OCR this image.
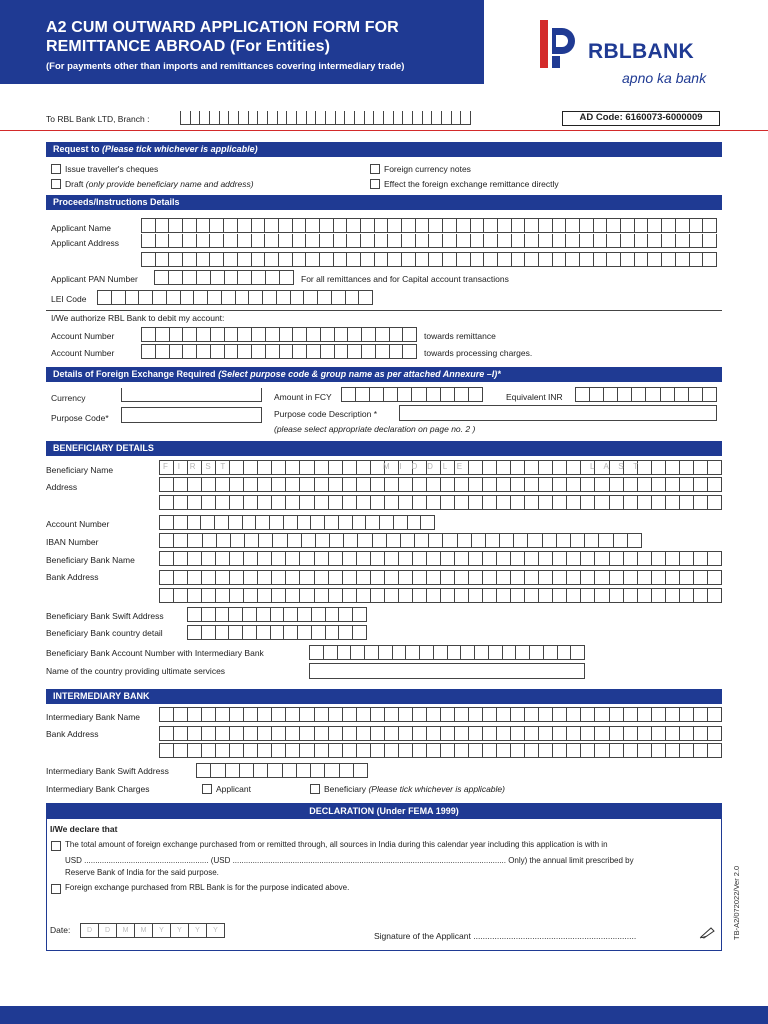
A2 CUM OUTWARD APPLICATION FORM FOR
REMITTANCE ABROAD (For Entities)
(For payments other than imports and remittances covering intermediary trade)
RBLBANK
apno ka bank
To RBL Bank LTD, Branch :	AD Code: 6160073-6000009
Request to (Please tick whichever is applicable)
Issue traveller's cheques
Draft (only provide beneficiary name and address)
Foreign currency notes
Effect the foreign exchange remittance directly
Proceeds/Instructions Details
Applicant Name
Applicant Address
Applicant PAN Number	For all remittances and for Capital account transactions
LEI Code
I/We authorize RBL Bank to debit my account:
Account Number	towards remittance
Account Number	towards processing charges.
Details of Foreign Exchange Required (Select purpose code & group name as per attached Annexure –I)*
Currency	Amount in FCY	Equivalent INR
Purpose Code*	Purpose code Description *
(please select appropriate declaration on page no. 2 )
BENEFICIARY DETAILS
Beneficiary Name	F I R S T	M I D D L E	L A S T
Address
Account Number
IBAN Number
Beneficiary Bank Name
Bank Address
Beneficiary Bank Swift Address
Beneficiary Bank country detail
Beneficiary Bank Account Number with Intermediary Bank
Name of the country providing ultimate services
INTERMEDIARY BANK
Intermediary Bank Name
Bank Address
Intermediary Bank Swift Address
Intermediary Bank Charges	Applicant	Beneficiary (Please tick whichever is applicable)
DECLARATION (Under FEMA 1999)
I/We declare that
The total amount of foreign exchange purchased from or remitted through, all sources in India during this calendar year including this application is with in
USD ........................................................ (USD ........................................................................................................................... Only) the annual limit prescribed by
Reserve Bank of India for the said purpose.
Foreign exchange purchased from RBL Bank is for the purpose indicated above.
Date:	D	D	M	M	Y	Y	Y	Y
Signature of the Applicant .....................................................................	TB-A2/072022/Ver 2.0
